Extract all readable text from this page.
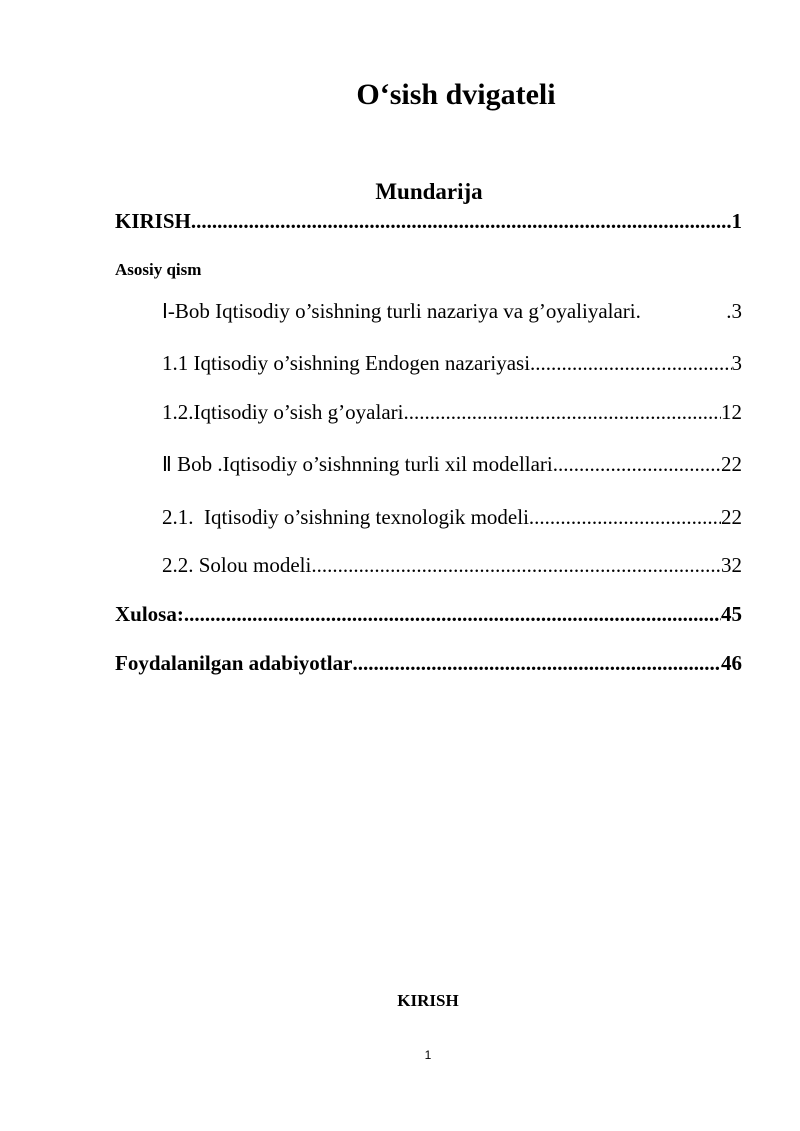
O‘sish dvigateli
Mundarija
KIRISH .....	1
Asosiy qism
Ⅰ-Bob Iqtisodiy o’sishning turli nazariya va g’oyaliyalari.	.3
1.1 Iqtisodiy o’sishning Endogen nazariyasi .....	3
1.2.Iqtisodiy o’sish g’oyalari .....	12
Ⅱ Bob .Iqtisodiy o’sishnning turli xil modellari .....	22
2.1.  Iqtisodiy o’sishning texnologik modeli .....	22
2.2. Solou modeli .....	32
Xulosa: .....	45
Foydalanilgan adabiyotlar .....	46
KIRISH
1
